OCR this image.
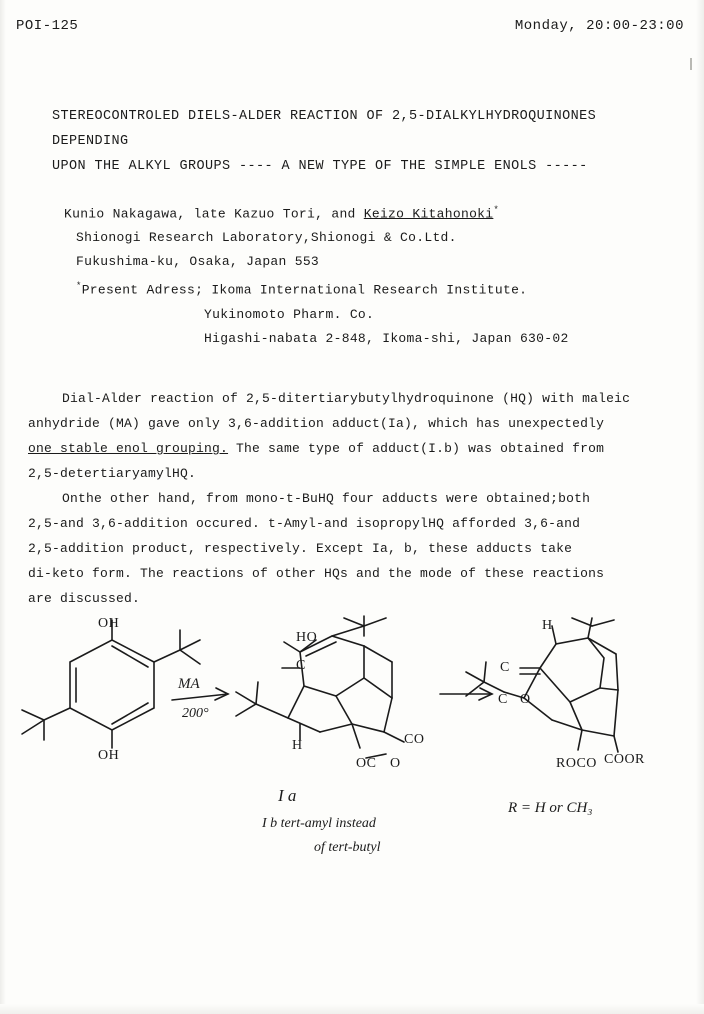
POI-125	Monday, 20:00-23:00
STEREOCONTROLED DIELS-ALDER REACTION OF 2,5-DIALKYLHYDROQUINONES DEPENDING
UPON THE ALKYL GROUPS ---- A NEW TYPE OF THE SIMPLE ENOLS -----
Kunio Nakagawa, late Kazuo Tori, and Keizo Kitahonoki*
Shionogi Research Laboratory,Shionogi & Co.Ltd.
Fukushima-ku, Osaka, Japan 553
*Present Adress; Ikoma International Research Institute.
Yukinomoto Pharm. Co.
Higashi-nabata 2-848, Ikoma-shi, Japan 630-02

Dial-Alder reaction of 2,5-ditertiarybutylhydroquinone (HQ) with maleic

anhydride (MA) gave only 3,6-addition adduct(Ia), which has unexpectedly

one stable enol grouping. The same type of adduct(I.b) was obtained from

2,5-detertiaryamylHQ.

Onthe other hand, from mono-t-BuHQ four adducts were obtained;both

2,5-and 3,6-addition occured. t-Amyl-and isopropylHQ afforded 3,6-and

2,5-addition product, respectively. Except Ia, b, these adducts take

di-keto form. The reactions of other HQs and the mode of these reactions

are discussed.

OH
OH
MA
200°
HO
C
H	CO
OC O
H
C
C O
ROCO COOR
I a
I b tert-amyl instead
of tert-butyl
R = H or CH₃
